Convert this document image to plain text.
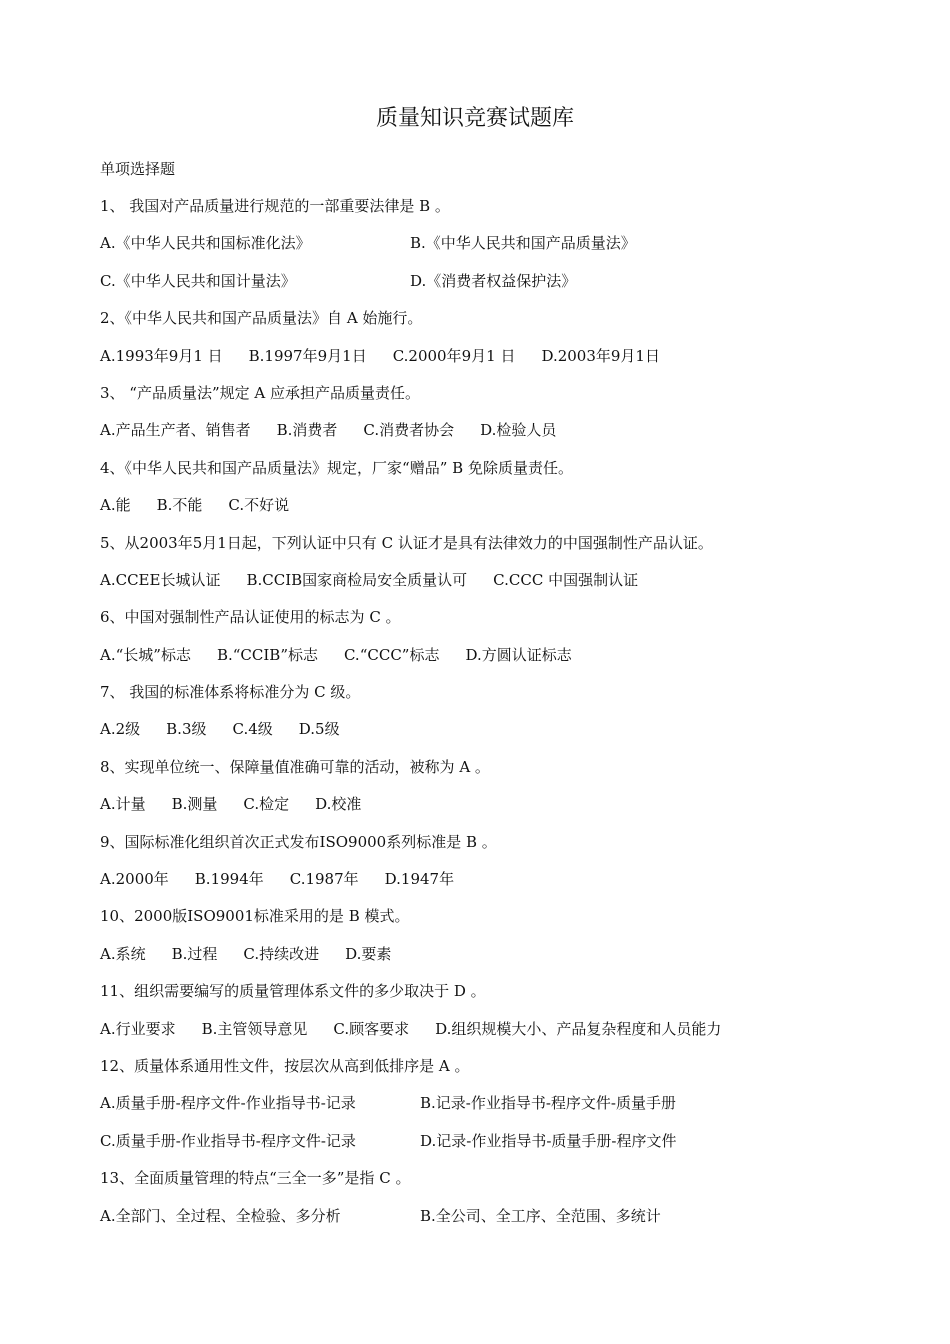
质量知识竞赛试题库
单项选择题
1、 我国对产品质量进行规范的一部重要法律是 B 。
A.《中华人民共和国标准化法》	B.《中华人民共和国产品质量法》
C.《中华人民共和国计量法》	D.《消费者权益保护法》
2、《中华人民共和国产品质量法》自 A 始施行。
A.1993年9月1 日 B.1997年9月1日 C.2000年9月1 日 D.2003年9月1日
3、 “产品质量法”规定 A 应承担产品质量责任。
A.产品生产者、销售者 B.消费者 C.消费者协会 D.检验人员
4、《中华人民共和国产品质量法》规定，厂家“赠品” B 免除质量责任。
A.能 B.不能 C.不好说
5、从2003年5月1日起，下列认证中只有 C 认证才是具有法律效力的中国强制性产品认证。
A.CCEE长城认证 B.CCIB国家商检局安全质量认可 C.CCC 中国强制认证
6、中国对强制性产品认证使用的标志为 C 。
A.“长城”标志 B.“CCIB”标志 C.“CCC”标志 D.方圆认证标志
7、 我国的标准体系将标准分为 C 级。
A.2级 B.3级 C.4级 D.5级
8、实现单位统一、保障量值准确可靠的活动，被称为 A 。
A.计量 B.测量 C.检定 D.校准
9、国际标准化组织首次正式发布ISO9000系列标准是 B 。
A.2000年 B.1994年 C.1987年 D.1947年
10、2000版ISO9001标准采用的是 B 模式。
A.系统 B.过程 C.持续改进 D.要素
11、组织需要编写的质量管理体系文件的多少取决于 D 。
A.行业要求 B.主管领导意见 C.顾客要求 D.组织规模大小、产品复杂程度和人员能力
12、质量体系通用性文件，按层次从高到低排序是 A 。
A.质量手册-程序文件-作业指导书-记录	B.记录-作业指导书-程序文件-质量手册
C.质量手册-作业指导书-程序文件-记录	D.记录-作业指导书-质量手册-程序文件
13、全面质量管理的特点“三全一多”是指 C 。
A.全部门、全过程、全检验、多分析	B.全公司、全工序、全范围、多统计
